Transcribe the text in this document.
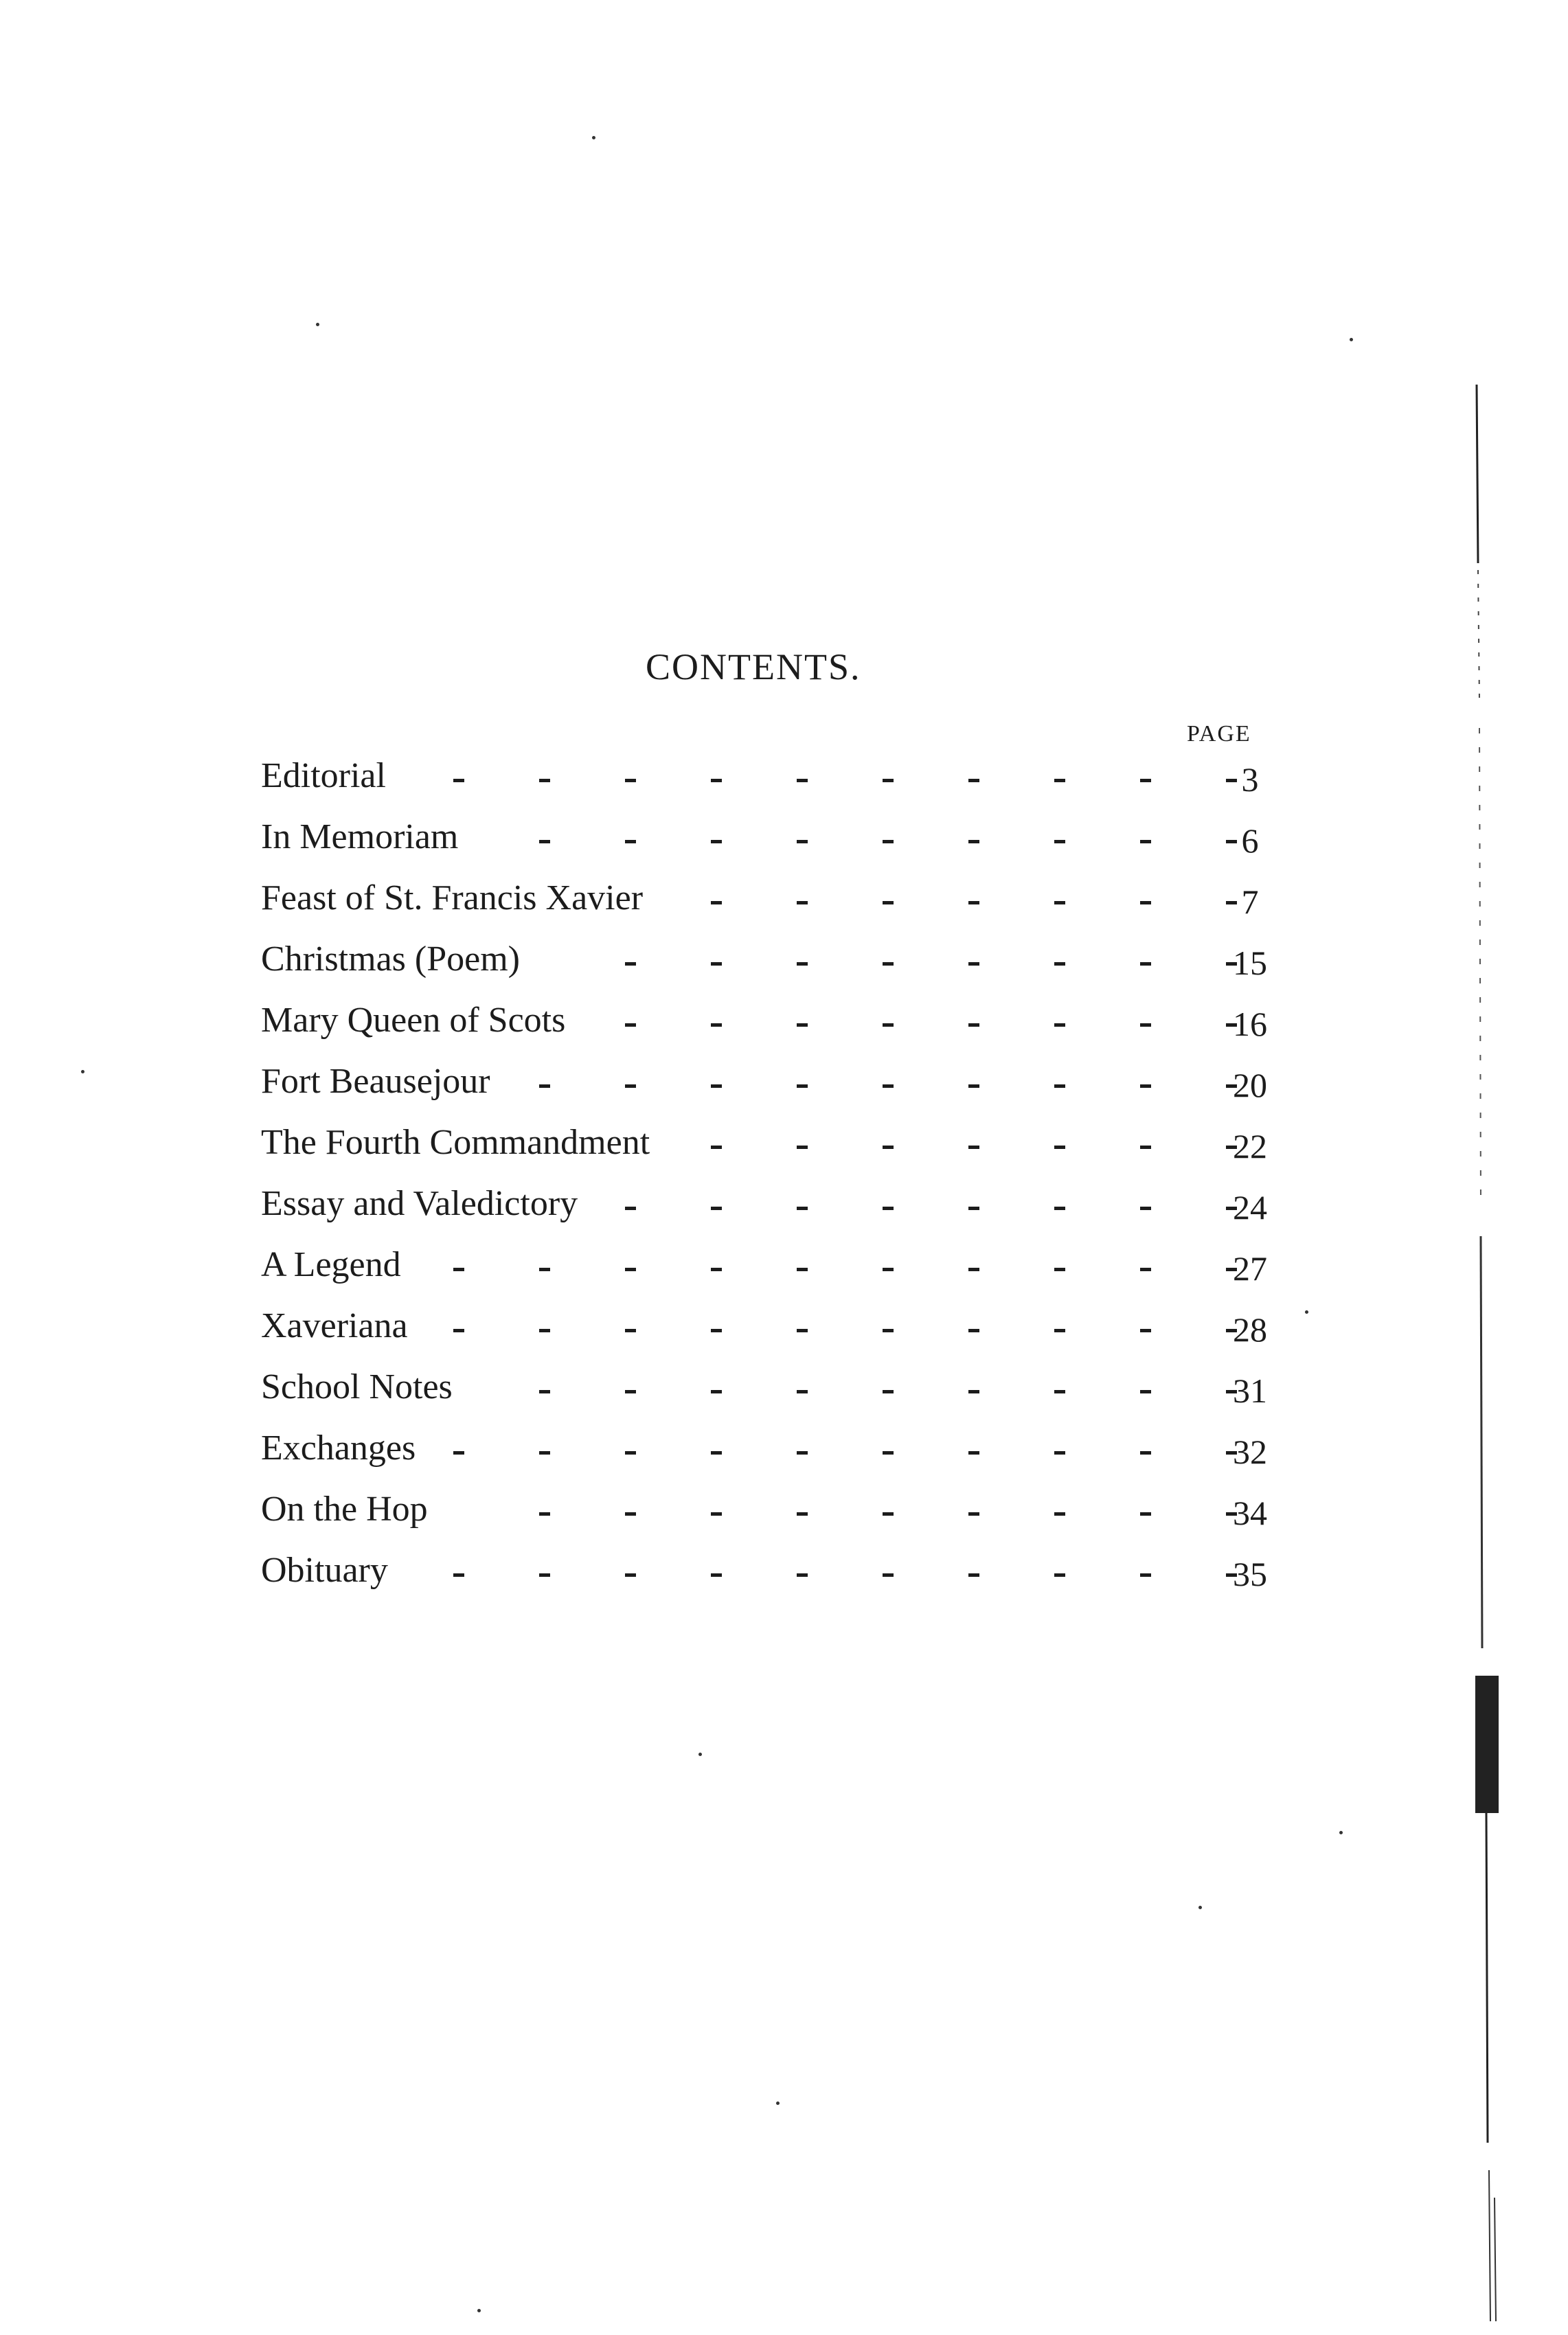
CONTENTS.
PAGE
Editorial	3
In Memoriam	6
Feast of St. Francis Xavier	7
Christmas (Poem)	15
Mary Queen of Scots	16
Fort Beausejour	20
The Fourth Commandment	22
Essay and Valedictory	24
A Legend	27
Xaveriana	28
School Notes	31
Exchanges	32
On the Hop	34
Obituary	35
